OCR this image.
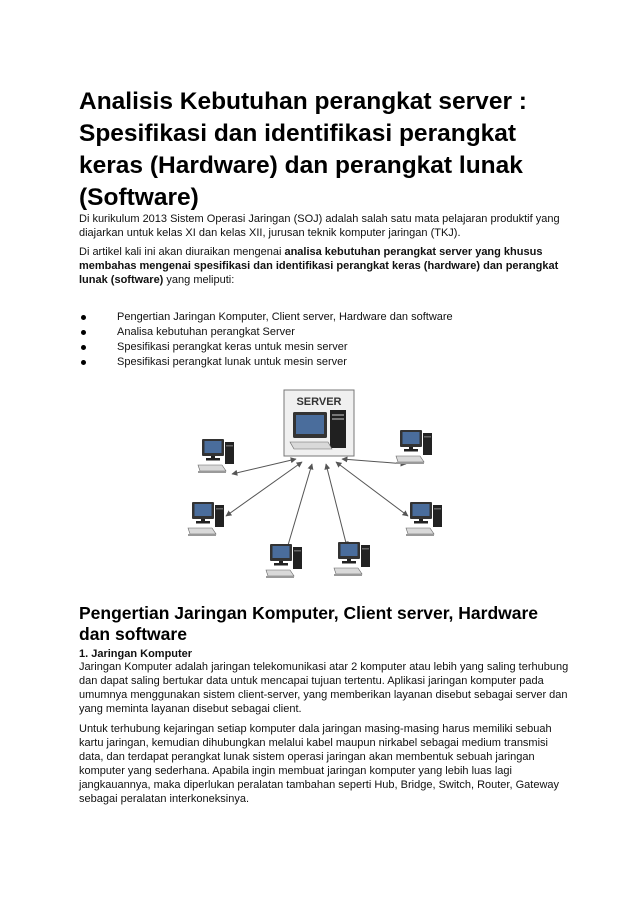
Analisis Kebutuhan perangkat server : Spesifikasi dan identifikasi perangkat keras (Hardware) dan perangkat lunak (Software)

Di kurikulum 2013 Sistem Operasi Jaringan (SOJ) adalah salah satu mata pelajaran produktif yang diajarkan untuk kelas XI dan kelas XII, jurusan teknik komputer jaringan (TKJ).

Di artikel kali ini akan diuraikan mengenai analisa kebutuhan perangkat server yang khusus membahas mengenai spesifikasi dan identifikasi perangkat keras (hardware) dan perangkat lunak (software) yang meliputi:

Pengertian Jaringan Komputer, Client server, Hardware dan software
Analisa kebutuhan perangkat Server
Spesifikasi perangkat keras untuk mesin server
Spesifikasi perangkat lunak untuk mesin server
SERVER
Pengertian Jaringan Komputer, Client server, Hardware dan software

1. Jaringan Komputer

Jaringan Komputer adalah jaringan telekomunikasi atar 2 komputer atau lebih yang saling terhubung dan dapat saling bertukar data untuk mencapai tujuan tertentu. Aplikasi jaringan komputer pada umumnya menggunakan sistem client-server, yang memberikan layanan disebut sebagai server dan yang meminta layanan disebut sebagai client.

Untuk terhubung kejaringan setiap komputer dala jaringan masing-masing harus memiliki sebuah kartu jaringan, kemudian dihubungkan melalui kabel maupun nirkabel sebagai medium transmisi data, dan terdapat perangkat lunak sistem operasi jaringan akan membentuk sebuah jaringan komputer yang sederhana. Apabila ingin membuat jaringan komputer yang lebih luas lagi jangkauannya, maka diperlukan peralatan tambahan seperti Hub, Bridge, Switch, Router, Gateway sebagai peralatan interkoneksinya.
